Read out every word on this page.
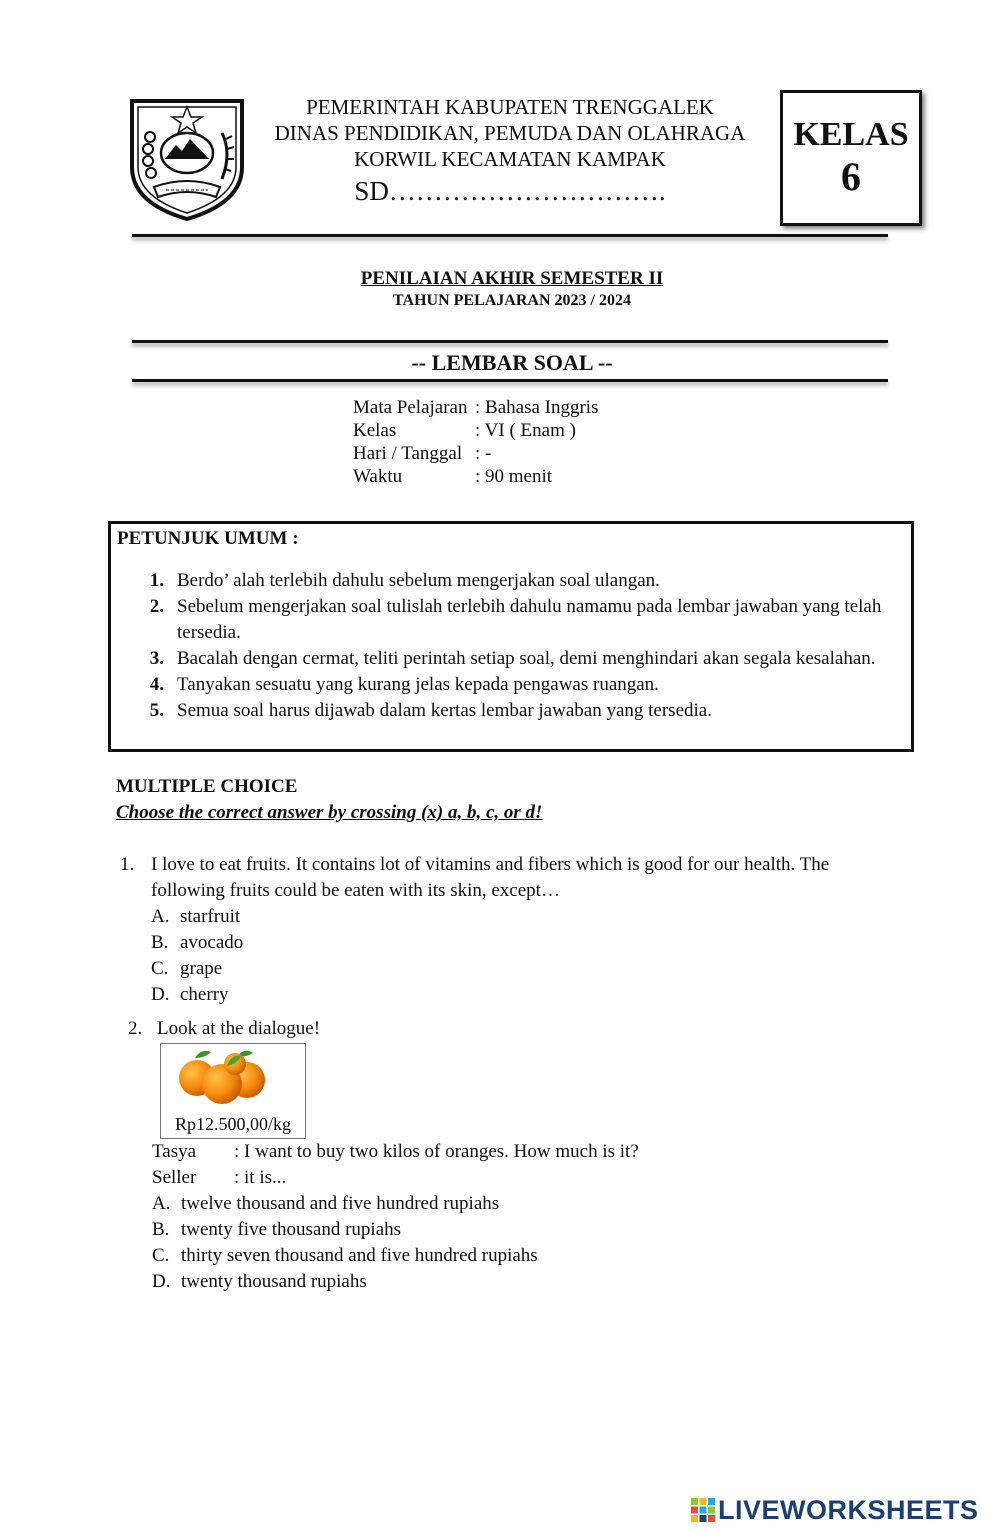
PEMERINTAH KABUPATEN TRENGGALEK
DINAS PENDIDIKAN, PEMUDA DAN OLAHRAGA
KORWIL KECAMATAN KAMPAK
SD………………………….
KELAS
6
PENILAIAN AKHIR SEMESTER II
TAHUN PELAJARAN 2023 / 2024
-- LEMBAR SOAL --
Mata Pelajaran : Bahasa Inggris
Kelas	: VI ( Enam )
Hari / Tanggal : -
Waktu	: 90 menit
PETUNJUK UMUM :
1. Berdo’ alah terlebih dahulu sebelum mengerjakan soal ulangan.
2. Sebelum mengerjakan soal tulislah terlebih dahulu namamu pada lembar jawaban yang telah tersedia.
3. Bacalah dengan cermat, teliti perintah setiap soal, demi menghindari akan segala kesalahan.
4. Tanyakan sesuatu yang kurang jelas kepada pengawas ruangan.
5. Semua soal harus dijawab dalam kertas lembar jawaban yang tersedia.
MULTIPLE CHOICE
Choose the correct answer by crossing (x) a, b, c, or d!
1. I love to eat fruits. It contains lot of vitamins and fibers which is good for our health. The following fruits could be eaten with its skin, except…
A. starfruit
B. avocado
C. grape
D. cherry
2. Look at the dialogue!
Rp12.500,00/kg
Tasya	: I want to buy two kilos of oranges. How much is it?
Seller	: it is...
A. twelve thousand and five hundred rupiahs
B. twenty five thousand rupiahs
C. thirty seven thousand and five hundred rupiahs
D. twenty thousand rupiahs
LIVEWORKSHEETS
